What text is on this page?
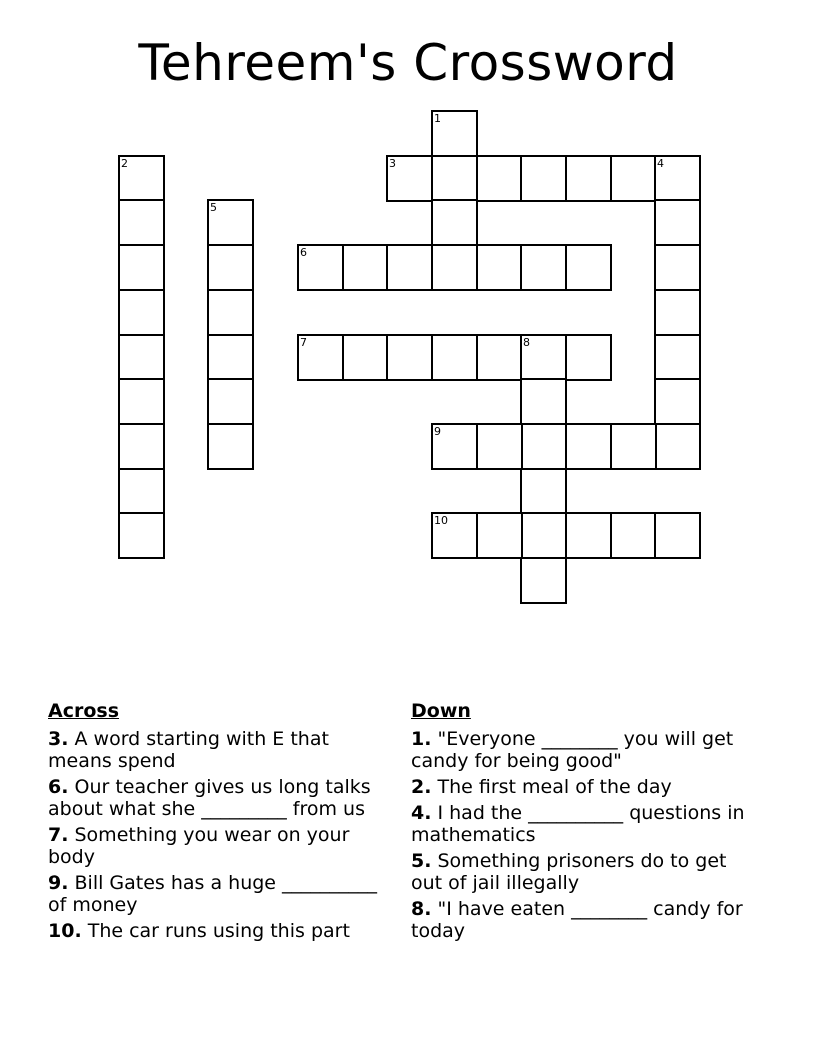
Tehreem's Crossword
1
2	3	4
5
6
7	8
9
10
Across
3. A word starting with E that means spend
6. Our teacher gives us long talks about what she _________ from us
7. Something you wear on your body
9. Bill Gates has a huge __________ of money
10. The car runs using this part
Down
1. "Everyone ________ you will get candy for being good"
2. The first meal of the day
4. I had the __________ questions in mathematics
5. Something prisoners do to get out of jail illegally
8. "I have eaten ________ candy for today
